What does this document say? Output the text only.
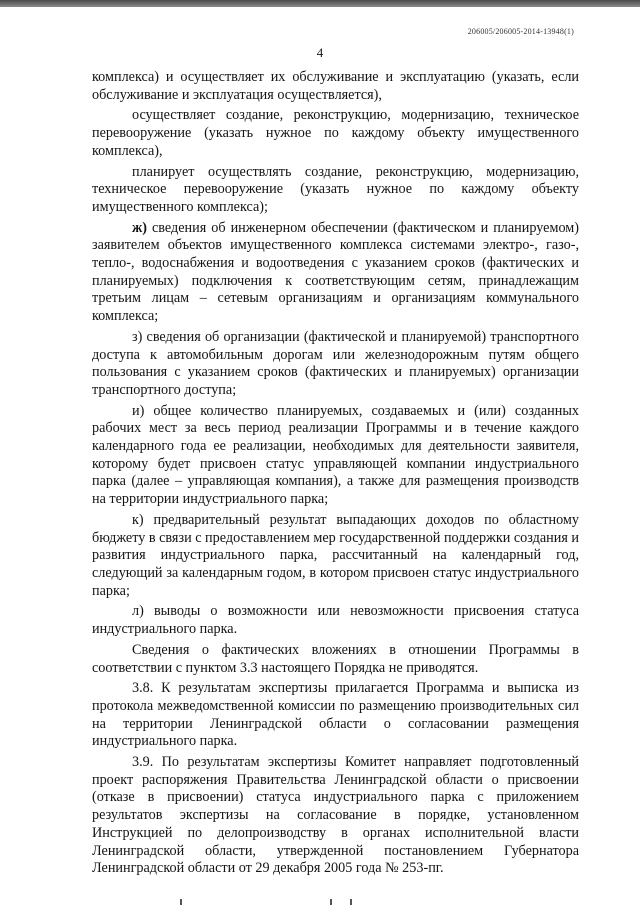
206005/206005-2014-13948(1)
4

комплекса) и осуществляет их обслуживание и эксплуатацию (указать, если обслуживание и эксплуатация осуществляется),

осуществляет создание, реконструкцию, модернизацию, техническое перевооружение (указать нужное по каждому объекту имущественного комплекса),

планирует осуществлять создание, реконструкцию, модернизацию, техническое перевооружение (указать нужное по каждому объекту имущественного комплекса);

ж) сведения об инженерном обеспечении (фактическом и планируемом) заявителем объектов имущественного комплекса системами электро-, газо-, тепло-, водоснабжения и водоотведения с указанием сроков (фактических и планируемых) подключения к соответствующим сетям, принадлежащим третьим лицам – сетевым организациям и организациям коммунального комплекса;

з) сведения об организации (фактической и планируемой) транспортного доступа к автомобильным дорогам или железнодорожным путям общего пользования с указанием сроков (фактических и планируемых) организации транспортного доступа;

и) общее количество планируемых, создаваемых и (или) созданных рабочих мест за весь период реализации Программы и в течение каждого календарного года ее реализации, необходимых для деятельности заявителя, которому будет присвоен статус управляющей компании индустриального парка (далее – управляющая компания), а также для размещения производств на территории индустриального парка;

к) предварительный результат выпадающих доходов по областному бюджету в связи с предоставлением мер государственной поддержки создания и развития индустриального парка, рассчитанный на календарный год, следующий за календарным годом, в котором присвоен статус индустриального парка;

л) выводы о возможности или невозможности присвоения статуса индустриального парка.

Сведения о фактических вложениях в отношении Программы в соответствии с пунктом 3.3 настоящего Порядка не приводятся.

3.8. К результатам экспертизы прилагается Программа и выписка из протокола межведомственной комиссии по размещению производительных сил на территории Ленинградской области о согласовании размещения индустриального парка.

3.9. По результатам экспертизы Комитет направляет подготовленный проект распоряжения Правительства Ленинградской области о присвоении (отказе в присвоении) статуса индустриального парка с приложением результатов экспертизы на согласование в порядке, установленном Инструкцией по делопроизводству в органах исполнительной власти Ленинградской области, утвержденной постановлением Губернатора Ленинградской области от 29 декабря 2005 года № 253-пг.
